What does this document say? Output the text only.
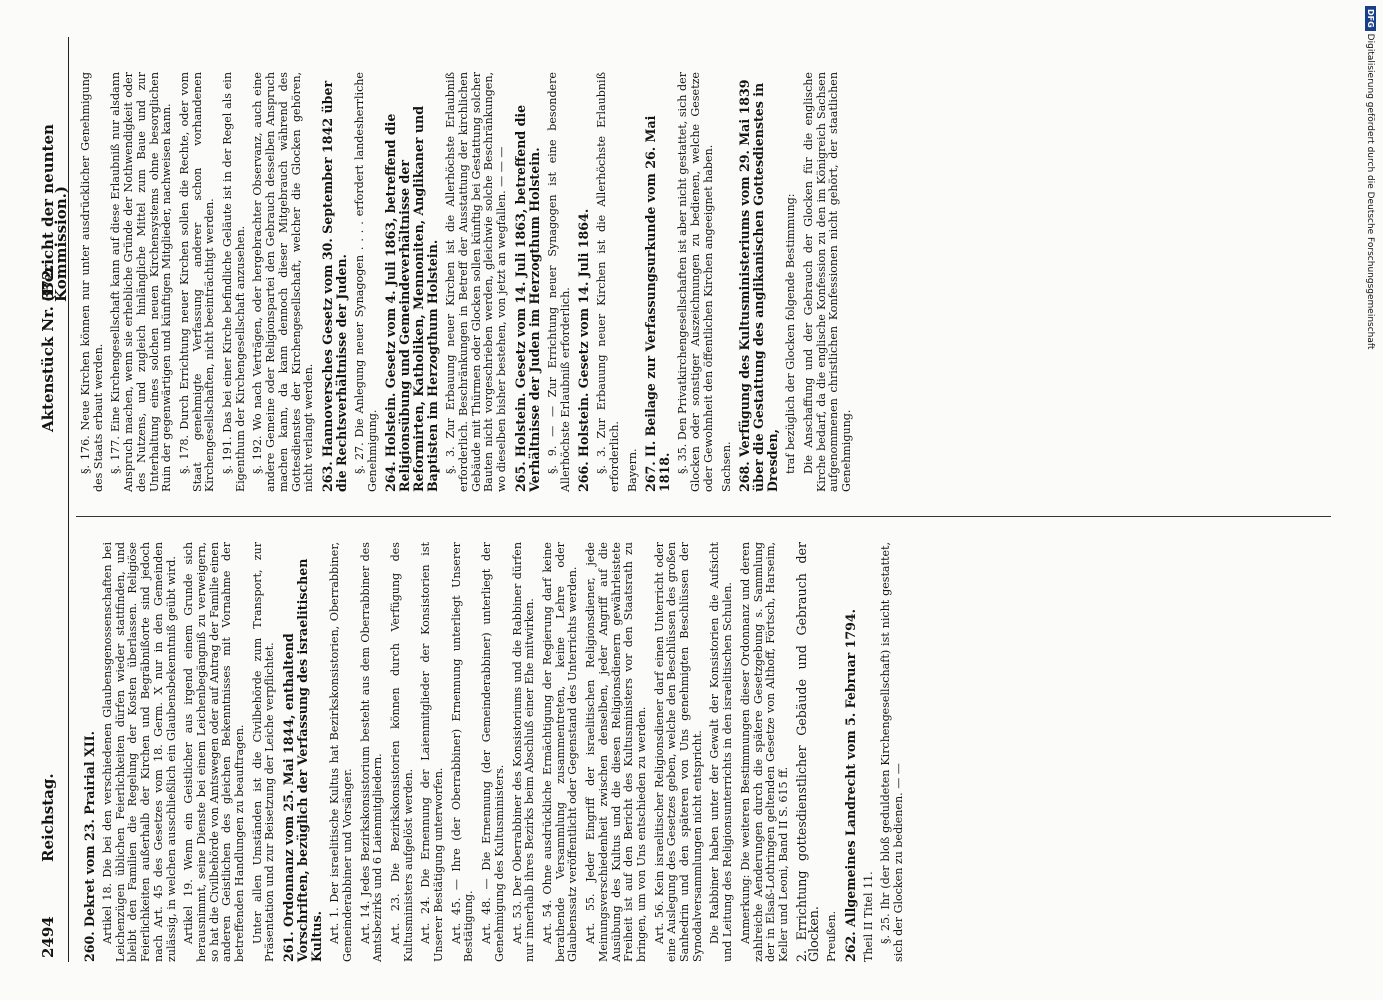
2494
Reichstag.
Aktenstück Nr. 372.
(Bericht der neunten Kommission.)
260. Dekret vom 23. Prairial XII. Artikel 18. Die bei den verschiedenen Glaubensgenossenschaften bei Leichenzügen üblichen Feierlichkeiten dürfen wieder stattfinden, und bleibt den Familien die Regelung der Kosten überlassen. Religiöse Feierlichkeiten außerhalb der Kirchen und Begräbnißorte sind jedoch nach Art. 45 des Gesetzes vom 18. Germ. X nur in den Gemeinden zulässig, in welchen ausschließlich ein Glaubensbekenntniß geübt wird. Artikel 19. Wenn ein Geistlicher aus irgend einem Grunde sich herausnimmt, seine Dienste bei einem Leichenbegängniß zu verweigern, so hat die Civilbehörde von Amtswegen oder auf Antrag der Familie einen anderen Geistlichen des gleichen Bekenntnisses mit Vornahme der betreffenden Handlungen zu beauftragen. Unter allen Umständen ist die Civilbehörde zum Transport, zur Präsentation und zur Beisetzung der Leiche verpflichtet. 261. Ordonnanz vom 25. Mai 1844, enthaltend Vorschriften, bezüglich der Verfassung des israelitischen Kultus. Art. 1. Der israelitische Kultus hat Bezirkskonsistorien, Oberrabbiner, Gemeinderabbiner und Vorsänger. Art. 14. Jedes Bezirkskonsistorium besteht aus dem Oberrabbiner des Amtsbezirks und 6 Laienmitgliedern. Art. 23. Die Bezirkskonsistorien können durch Verfügung des Kultusministers aufgelöst werden. Art. 24. Die Ernennung der Laienmitglieder der Konsistorien ist Unserer Bestätigung unterworfen. Art. 45. — Ihre (der Oberrabbiner) Ernennung unterliegt Unserer Bestätigung. Art. 48. — Die Ernennung (der Gemeinderabbiner) unterliegt der Genehmigung des Kultusministers. Art. 53. Der Oberrabbiner des Konsistoriums und die Rabbiner dürfen nur innerhalb ihres Bezirks beim Abschluß einer Ehe mitwirken. Art. 54. Ohne ausdrückliche Ermächtigung der Regierung darf keine berathende Versammlung zusammentreten, keine Lehre oder Glaubenssatz veröffentlicht oder Gegenstand des Unterrichts werden. Art. 55. Jeder Eingriff der israelitischen Religionsdiener, jede Meinungsverschiedenheit zwischen denselben, jeder Angriff auf die Ausübung des Kultus und die diesen Religionsdienern gewährleistete Freiheit ist auf den Bericht des Kultusministers vor den Staatsrath zu bringen, um von Uns entschieden zu werden. Art. 56. Kein israelitischer Religionsdiener darf einen Unterricht oder eine Auslegung des Gesetzes geben, welche den Beschlüssen des großen Sanhedrin und den späteren von Uns genehmigten Beschlüssen der Synodalversammlungen nicht entspricht. Die Rabbiner haben unter der Gewalt der Konsistorien die Aufsicht und Leitung des Religionsunterrichts in den israelitischen Schulen. Anmerkung: Die weiteren Bestimmungen dieser Ordonnanz und deren zahlreiche Aenderungen durch die spätere Gesetzgebung s. Sammlung der in Elsaß-Lothringen geltenden Gesetze von Althoff, Förtsch, Harseim, Keller und Leoni, Band II S. 615 ff. 2. Errichtung gottesdienstlicher Gebäude und Gebrauch der Glocken. Preußen. 262. Allgemeines Landrecht vom 5. Februar 1794. Theil II Titel 11. §. 25. Ihr (der bloß geduldeten Kirchengesellschaft) ist nicht gestattet, sich der Glocken zu bedienen. — —

§. 176. Neue Kirchen können nur unter ausdrücklicher Genehmigung des Staats erbaut werden. §. 177. Eine Kirchengesellschaft kann auf diese Erlaubniß nur alsdann Anspruch machen, wenn sie erhebliche Gründe der Nothwendigkeit oder des Nutzens, und zugleich hinlängliche Mittel zum Baue und zur Unterhaltung eines solchen neuen Kirchensystems ohne besorglichen Ruin der gegenwärtigen und künftigen Mitglieder, nachweisen kann. §. 178. Durch Errichtung neuer Kirchen sollen die Rechte, oder vom Staat genehmigte Verfassung anderer schon vorhandenen Kirchengesellschaften, nicht beeinträchtigt werden. §. 191. Das bei einer Kirche befindliche Geläute ist in der Regel als ein Eigenthum der Kirchengesellschaft anzusehen. §. 192. Wo nach Verträgen, oder hergebrachter Observanz, auch eine andere Gemeine oder Religionspartei den Gebrauch desselben Anspruch machen kann, da kann dennoch dieser Mitgebrauch während des Gottesdienstes der Kirchengesellschaft, welcher die Glocken gehören, nicht verlangt werden. 263. Hannoversches Gesetz vom 30. September 1842 über die Rechtsverhältnisse der Juden. §. 27. Die Anlegung neuer Synagogen . . . . erfordert landesherrliche Genehmigung. 264. Holstein. Gesetz vom 4. Juli 1863, betreffend die Religionsübung und Gemeindeverhältnisse der Reformirten, Katholiken, Mennoniten, Anglikaner und Baptisten im Herzogthum Holstein. §. 3. Zur Erbauung neuer Kirchen ist die Allerhöchste Erlaubniß erforderlich. Beschränkungen in Betreff der Ausstattung der kirchlichen Gebäude mit Thürmen oder Glocken sollen künftig bei Gestattung solcher Bauten nicht vorgeschrieben werden, gleichwie solche Beschränkungen, wo dieselben bisher bestehen, von jetzt an wegfallen. — — — 265. Holstein. Gesetz vom 14. Juli 1863, betreffend die Verhältnisse der Juden im Herzogthum Holstein. §. 9. — — Zur Errichtung neuer Synagogen ist eine besondere Allerhöchste Erlaubniß erforderlich. 266. Holstein. Gesetz vom 14. Juli 1864. §. 3. Zur Erbauung neuer Kirchen ist die Allerhöchste Erlaubniß erforderlich. Bayern. 267. II. Beilage zur Verfassungsurkunde vom 26. Mai 1818. §. 35. Den Privatkirchengesellschaften ist aber nicht gestattet, sich der Glocken oder sonstiger Auszeichnungen zu bedienen, welche Gesetze oder Gewohnheit den öffentlichen Kirchen angeeignet haben. Sachsen. 268. Verfügung des Kultusministeriums vom 29. Mai 1839 über die Gestattung des anglikanischen Gottesdienstes in Dresden, traf bezüglich der Glocken folgende Bestimmung: Die Anschaffung und der Gebrauch der Glocken für die englische Kirche bedarf, da die englische Konfession zu den im Königreich Sachsen aufgenommenen christlichen Konfessionen nicht gehört, der staatlichen Genehmigung.

DFGDigitalisierung gefördert durch die Deutsche Forschungsgemeinschaft
